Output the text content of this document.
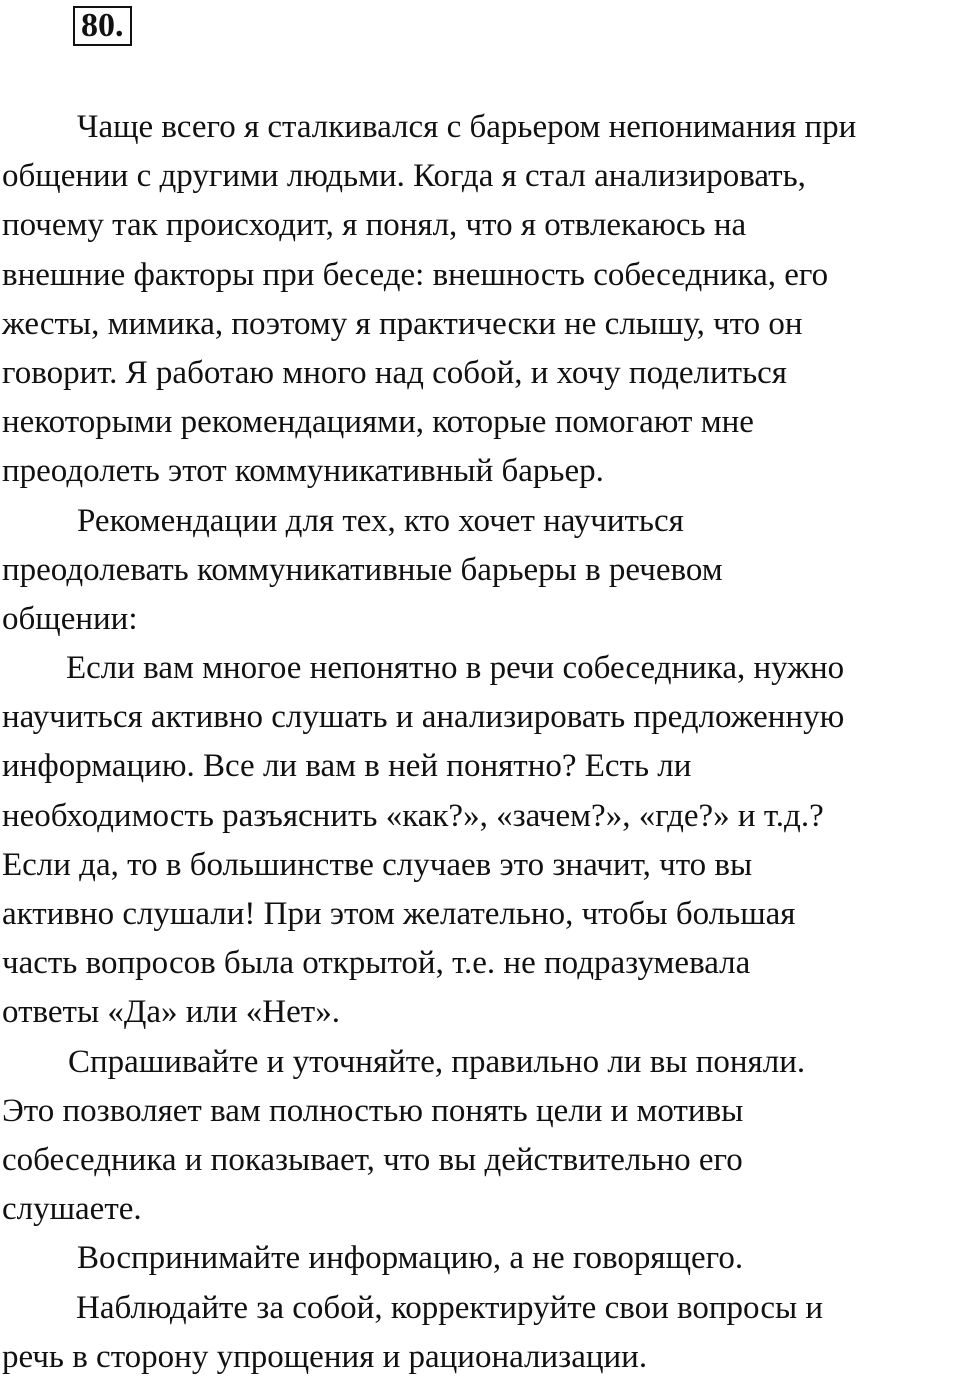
80.
Чаще всего я сталкивался с барьером непонимания при
общении с другими людьми. Когда я стал анализировать,
почему так происходит, я понял, что я отвлекаюсь на
внешние факторы при беседе: внешность собеседника, его
жесты, мимика, поэтому я практически не слышу, что он
говорит. Я работаю много над собой, и хочу поделиться
некоторыми рекомендациями, которые помогают мне
преодолеть этот коммуникативный барьер.
Рекомендации для тех, кто хочет научиться
преодолевать коммуникативные барьеры в речевом
общении:
Если вам многое непонятно в речи собеседника, нужно
научиться активно слушать и анализировать предложенную
информацию. Все ли вам в ней понятно? Есть ли
необходимость разъяснить «как?», «зачем?», «где?» и т.д.?
Если да, то в большинстве случаев это значит, что вы
активно слушали! При этом желательно, чтобы большая
часть вопросов была открытой, т.е. не подразумевала
ответы «Да» или «Нет».
Спрашивайте и уточняйте, правильно ли вы поняли.
Это позволяет вам полностью понять цели и мотивы
собеседника и показывает, что вы действительно его
слушаете.
Воспринимайте информацию, а не говорящего.
Наблюдайте за собой, корректируйте свои вопросы и
речь в сторону упрощения и рационализации.
